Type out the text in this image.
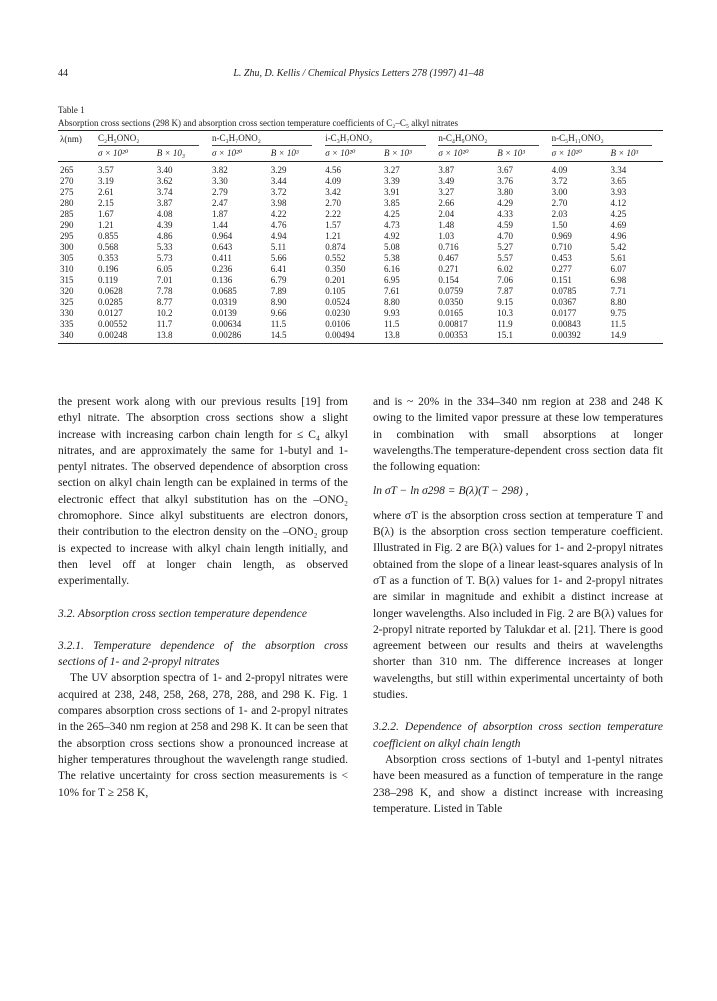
44	L. Zhu, D. Kellis / Chemical Physics Letters 278 (1997) 41–48
Table 1
Absorption cross sections (298 K) and absorption cross section temperature coefficients of C₂–C₅ alkyl nitrates
λ(nm)	C₂H₅ONO₂		n-C₃H₇ONO₂		i-C₃H₇ONO₂		n-C₄H₉ONO₂		n-C₅H₁₁ONO₂	
	σ × 10²⁰	B × 10₃	σ × 10²⁰	B × 10³	σ × 10²⁰	B × 10³	σ × 10²⁰	B × 10³	σ × 10²⁰	B × 10³
265	3.57	3.40	3.82	3.29	4.56	3.27	3.87	3.67	4.09	3.34
270	3.19	3.62	3.30	3.44	4.09	3.39	3.49	3.76	3.72	3.65
275	2.61	3.74	2.79	3.72	3.42	3.91	3.27	3.80	3.00	3.93
280	2.15	3.87	2.47	3.98	2.70	3.85	2.66	4.29	2.70	4.12
285	1.67	4.08	1.87	4.22	2.22	4.25	2.04	4.33	2.03	4.25
290	1.21	4.39	1.44	4.76	1.57	4.73	1.48	4.59	1.50	4.69
295	0.855	4.86	0.964	4.94	1.21	4.92	1.03	4.70	0.969	4.96
300	0.568	5.33	0.643	5.11	0.874	5.08	0.716	5.27	0.710	5.42
305	0.353	5.73	0.411	5.66	0.552	5.38	0.467	5.57	0.453	5.61
310	0.196	6.05	0.236	6.41	0.350	6.16	0.271	6.02	0.277	6.07
315	0.119	7.01	0.136	6.79	0.201	6.95	0.154	7.06	0.151	6.98
320	0.0628	7.78	0.0685	7.89	0.105	7.61	0.0759	7.87	0.0785	7.71
325	0.0285	8.77	0.0319	8.90	0.0524	8.80	0.0350	9.15	0.0367	8.80
330	0.0127	10.2	0.0139	9.66	0.0230	9.93	0.0165	10.3	0.0177	9.75
335	0.00552	11.7	0.00634	11.5	0.0106	11.5	0.00817	11.9	0.00843	11.5
340	0.00248	13.8	0.00286	14.5	0.00494	13.8	0.00353	15.1	0.00392	14.9

the present work along with our previous results [19] from ethyl nitrate. The absorption cross sections show a slight increase with increasing carbon chain length for ≤ C₄ alkyl nitrates, and are approximately the same for 1-butyl and 1-pentyl nitrates. The observed dependence of absorption cross section on alkyl chain length can be explained in terms of the electronic effect that alkyl substitution has on the –ONO₂ chromophore. Since alkyl substituents are electron donors, their contribution to the electron density on the –ONO₂ group is expected to increase with alkyl chain length initially, and then level off at longer chain length, as observed experimentally.

3.2. Absorption cross section temperature dependence

3.2.1. Temperature dependence of the absorption cross sections of 1- and 2-propyl nitrates

The UV absorption spectra of 1- and 2-propyl nitrates were acquired at 238, 248, 258, 268, 278, 288, and 298 K. Fig. 1 compares absorption cross sections of 1- and 2-propyl nitrates in the 265–340 nm region at 258 and 298 K. It can be seen that the absorption cross sections show a pronounced increase at higher temperatures throughout the wavelength range studied. The relative uncertainty for cross section measurements is < 10% for T ≥ 258 K,

and is ~ 20% in the 334–340 nm region at 238 and 248 K owing to the limited vapor pressure at these low temperatures in combination with small absorptions at longer wavelengths.The temperature-dependent cross section data fit the following equation:

ln σT − ln σ298 = B(λ)(T − 298) ,

where σT is the absorption cross section at temperature T and B(λ) is the absorption cross section temperature coefficient. Illustrated in Fig. 2 are B(λ) values for 1- and 2-propyl nitrates obtained from the slope of a linear least-squares analysis of ln σT as a function of T. B(λ) values for 1- and 2-propyl nitrates are similar in magnitude and exhibit a distinct increase at longer wavelengths. Also included in Fig. 2 are B(λ) values for 2-propyl nitrate reported by Talukdar et al. [21]. There is good agreement between our results and theirs at wavelengths shorter than 310 nm. The difference increases at longer wavelengths, but still within experimental uncertainty of both studies.

3.2.2. Dependence of absorption cross section temperature coefficient on alkyl chain length

Absorption cross sections of 1-butyl and 1-pentyl nitrates have been measured as a function of temperature in the range 238–298 K, and show a distinct increase with increasing temperature. Listed in Table
